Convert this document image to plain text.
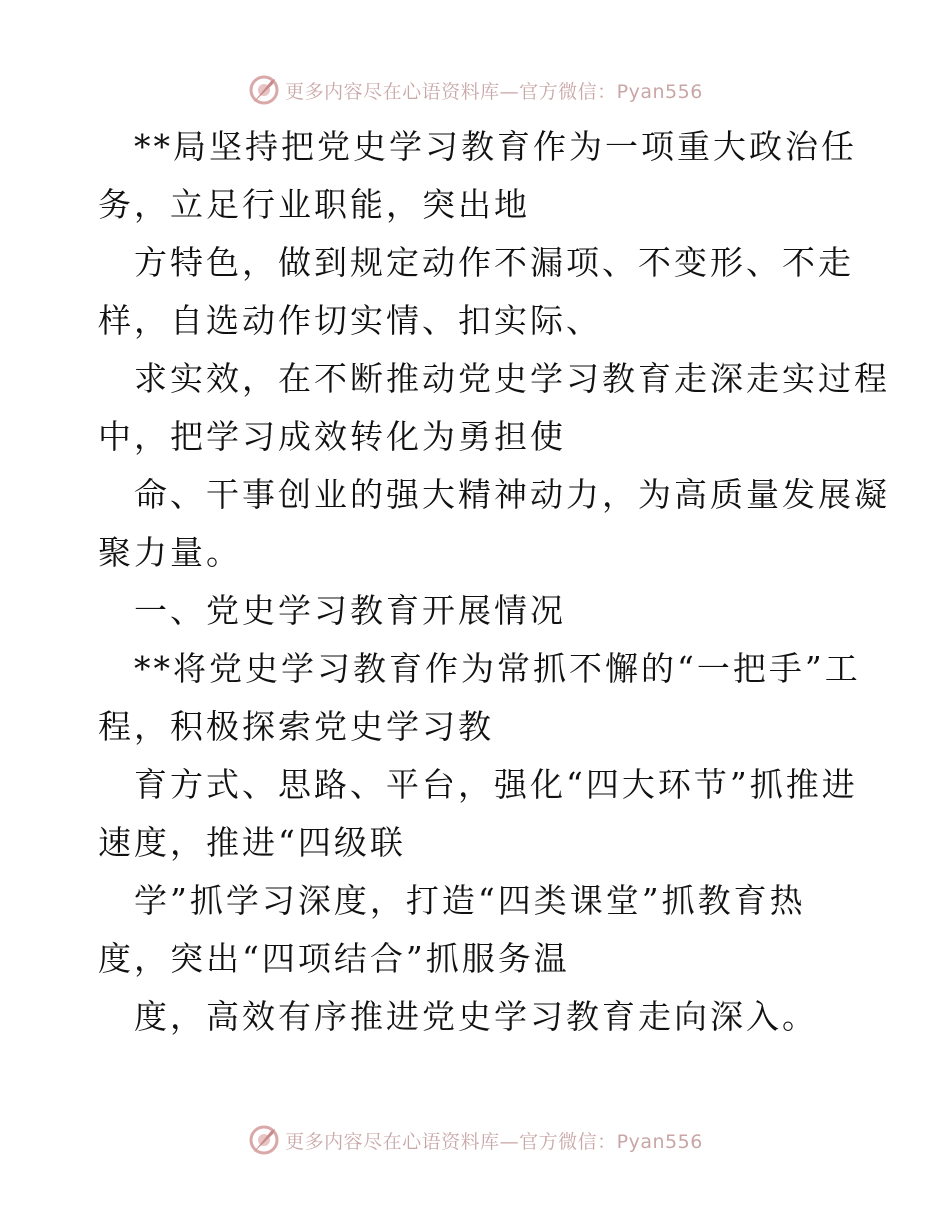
更多内容尽在心语资料库—官方微信：Pyan556
**局坚持把党史学习教育作为一项重大政治任
务，立足行业职能，突出地
方特色，做到规定动作不漏项、不变形、不走
样，自选动作切实情、扣实际、
求实效，在不断推动党史学习教育走深走实过程
中，把学习成效转化为勇担使
命、干事创业的强大精神动力，为高质量发展凝
聚力量。
一、党史学习教育开展情况
**将党史学习教育作为常抓不懈的“一把手”工
程，积极探索党史学习教
育方式、思路、平台，强化“四大环节”抓推进
速度，推进“四级联
学”抓学习深度，打造“四类课堂”抓教育热
度，突出“四项结合”抓服务温
度，高效有序推进党史学习教育走向深入。
更多内容尽在心语资料库—官方微信：Pyan556
